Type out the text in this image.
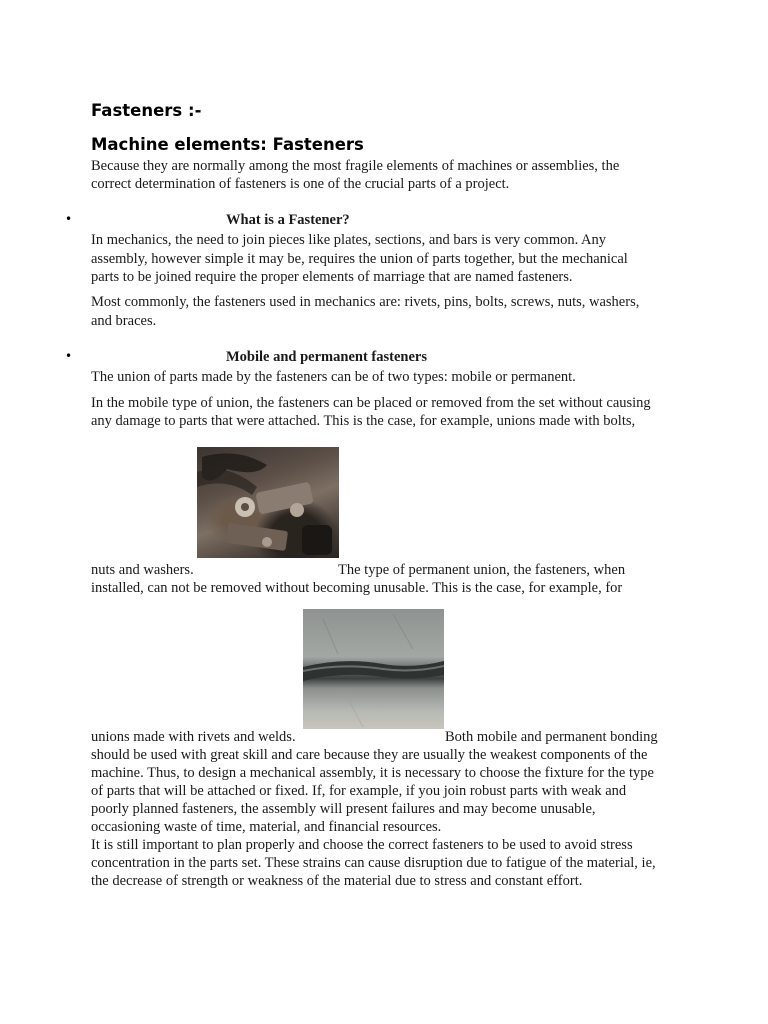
Fasteners :-
Machine elements: Fasteners
Because they are normally among the most fragile elements of machines or assemblies, the
correct determination of fasteners is one of the crucial parts of a project.
•	What is a Fastener?
In mechanics, the need to join pieces like plates, sections, and bars is very common. Any
assembly, however simple it may be, requires the union of parts together, but the mechanical
parts to be joined require the proper elements of marriage that are named fasteners.
Most commonly, the fasteners used in mechanics are: rivets, pins, bolts, screws, nuts, washers,
and braces.
•	Mobile and permanent fasteners
The union of parts made by the fasteners can be of two types: mobile or permanent.
In the mobile type of union, the fasteners can be placed or removed from the set without causing
any damage to parts that were attached. This is the case, for example, unions made with bolts,
nuts and washers.	The type of permanent union, the fasteners, when
installed, can not be removed without becoming unusable. This is the case, for example, for
unions made with rivets and welds.	Both mobile and permanent bonding
should be used with great skill and care because they are usually the weakest components of the
machine. Thus, to design a mechanical assembly, it is necessary to choose the fixture for the type
of parts that will be attached or fixed. If, for example, if you join robust parts with weak and
poorly planned fasteners, the assembly will present failures and may become unusable,
occasioning waste of time, material, and financial resources.
It is still important to plan properly and choose the correct fasteners to be used to avoid stress
concentration in the parts set. These strains can cause disruption due to fatigue of the material, ie,
the decrease of strength or weakness of the material due to stress and constant effort.
